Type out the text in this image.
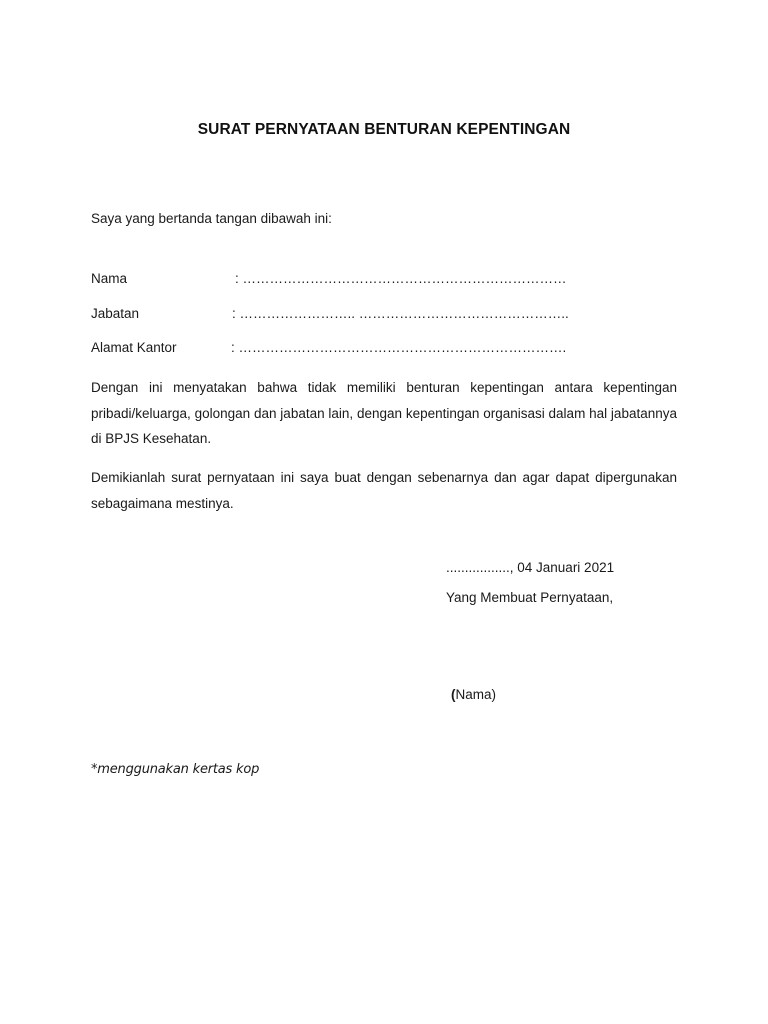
SURAT PERNYATAAN BENTURAN KEPENTINGAN
Saya yang bertanda tangan dibawah ini:
Nama	: ………………………………………………………………
Jabatan	: …………………….. ………………………………………..
Alamat Kantor	: ……………………………………………………………….
Dengan ini menyatakan bahwa tidak memiliki benturan kepentingan antara kepentingan pribadi/keluarga, golongan dan jabatan lain, dengan kepentingan organisasi dalam hal jabatannya di BPJS Kesehatan.
Demikianlah surat pernyataan ini saya buat dengan sebenarnya dan agar dapat dipergunakan sebagaimana mestinya.
................., 04 Januari 2021
Yang Membuat Pernyataan,
(Nama)
*menggunakan kertas kop
